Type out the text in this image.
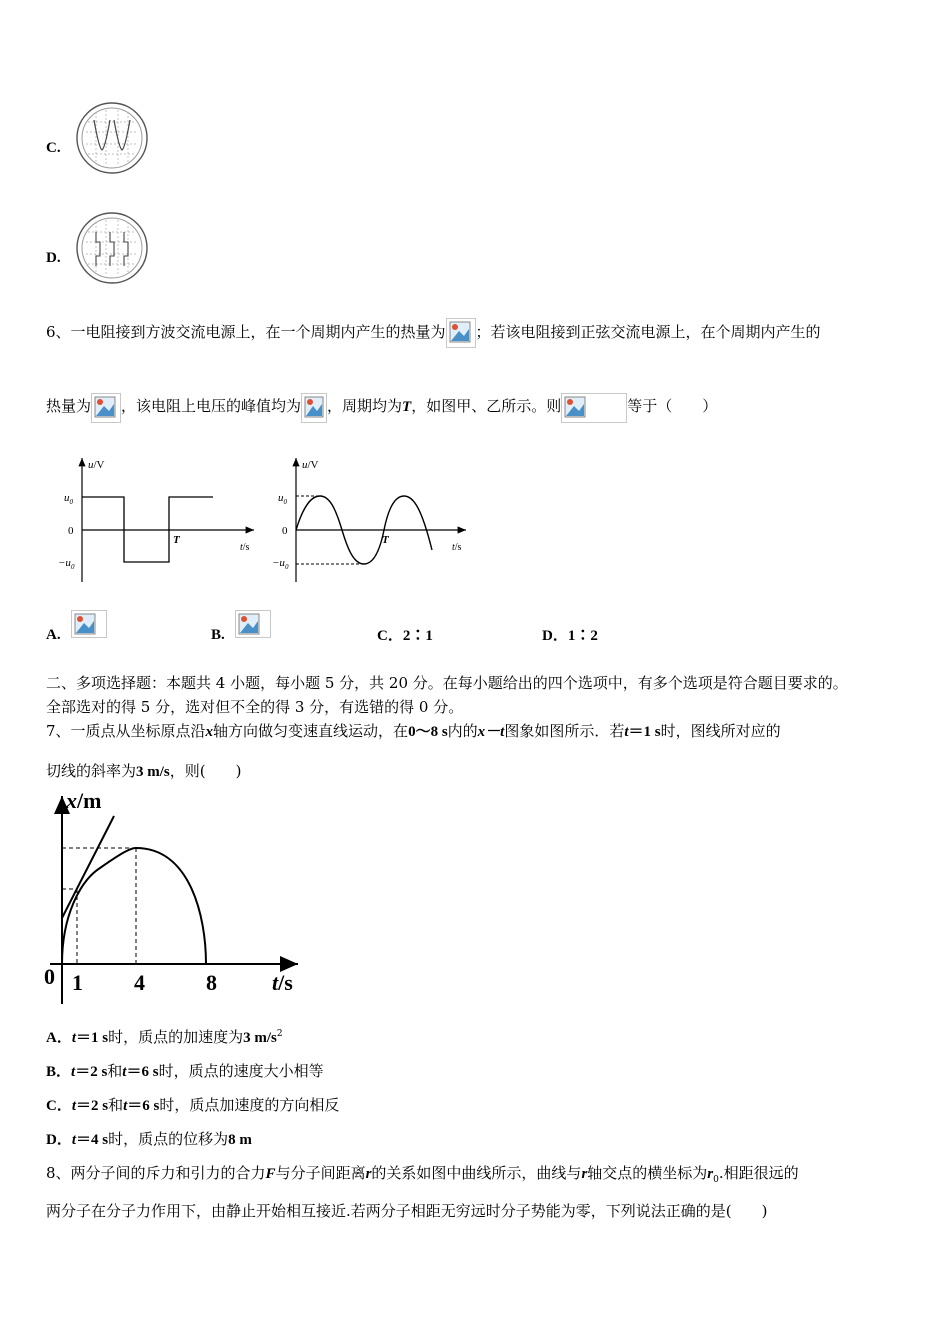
C.
D.
6、一电阻接到方波交流电源上，在一个周期内产生的热量为 ；若该电阻接到正弦交流电源上，在个周期内产生的
热量为 ，该电阻上电压的峰值均为 ，周期均为T，如图甲、乙所示。则	等于（　　）
u/V
$u_0$
0
$-u_0$
T
t/s
u/V
$u_0$
0
$-u_0$
T
t/s
A.	B.	C．2∶1	D．1∶2
二、多项选择题：本题共 4 小题，每小题 5 分，共 20 分。在每小题给出的四个选项中，有多个选项是符合题目要求的。
全部选对的得 5 分，选对但不全的得 3 分，有选错的得 0 分。
7、一质点从坐标原点沿x轴方向做匀变速直线运动，在0～8 s内的x－t图象如图所示．若t＝1 s时，图线所对应的
切线的斜率为3 m/s，则(　　)
x/m
0 1 4	8	t/s
A．t＝1 s时，质点的加速度为3 $m/s^2$
B．t＝2 s和t＝6 s时，质点的速度大小相等
C．t＝2 s和t＝6 s时，质点加速度的方向相反
D．t＝4 s时，质点的位移为8 m
8、两分子间的斥力和引力的合力F与分子间距离r的关系如图中曲线所示，曲线与r轴交点的横坐标为$r_0$.相距很远的
两分子在分子力作用下，由静止开始相互接近.若两分子相距无穷远时分子势能为零，下列说法正确的是(　　)
